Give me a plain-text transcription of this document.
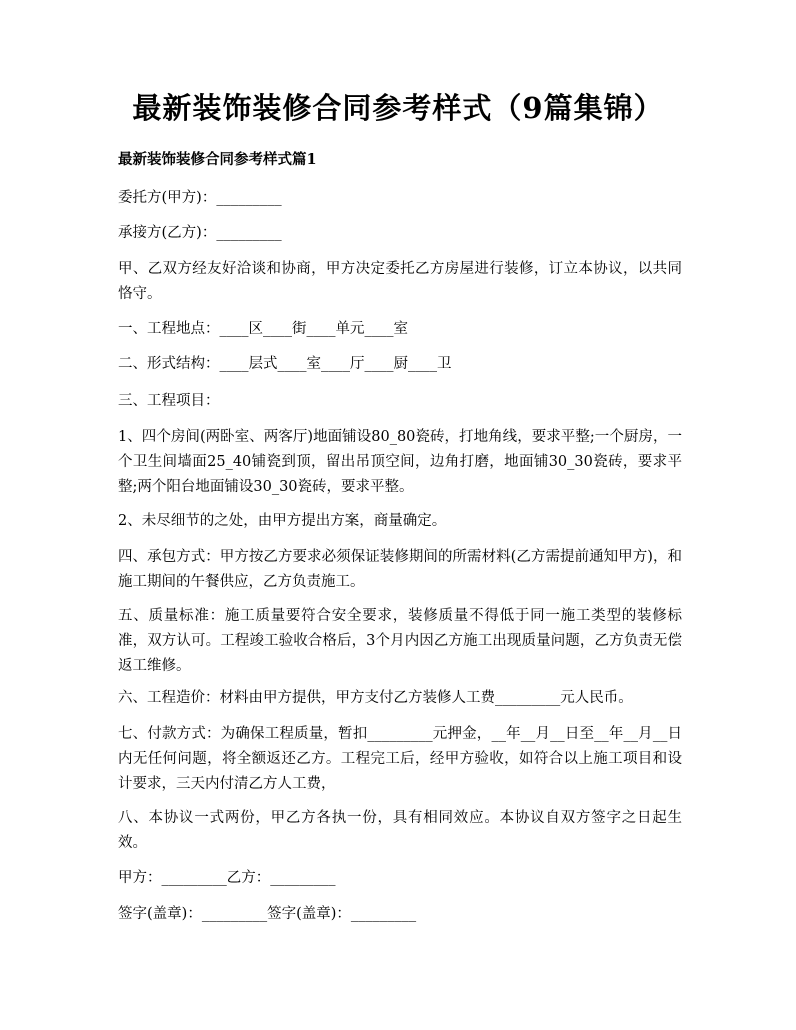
最新装饰装修合同参考样式（9篇集锦）
最新装饰装修合同参考样式篇1
委托方(甲方)：_________
承接方(乙方)：_________
甲、乙双方经友好洽谈和协商，甲方决定委托乙方房屋进行装修，订立本协议，以共同恪守。
一、工程地点：____区____街____单元____室
二、形式结构：____层式____室____厅____厨____卫
三、工程项目：
1、四个房间(两卧室、两客厅)地面铺设80_80瓷砖，打地角线，要求平整;一个厨房，一个卫生间墙面25_40铺瓷到顶，留出吊顶空间，边角打磨，地面铺30_30瓷砖，要求平整;两个阳台地面铺设30_30瓷砖，要求平整。
2、未尽细节的之处，由甲方提出方案，商量确定。
四、承包方式：甲方按乙方要求必须保证装修期间的所需材料(乙方需提前通知甲方)，和施工期间的午餐供应，乙方负责施工。
五、质量标准：施工质量要符合安全要求，装修质量不得低于同一施工类型的装修标准，双方认可。工程竣工验收合格后，3个月内因乙方施工出现质量问题，乙方负责无偿返工维修。
六、工程造价：材料由甲方提供，甲方支付乙方装修人工费_________元人民币。
七、付款方式：为确保工程质量，暂扣_________元押金，__年__月__日至__年__月__日内无任何问题，将全额返还乙方。工程完工后，经甲方验收，如符合以上施工项目和设计要求，三天内付清乙方人工费，
八、本协议一式两份，甲乙方各执一份，具有相同效应。本协议自双方签字之日起生效。
甲方：_________乙方：_________
签字(盖章)：_________签字(盖章)：_________
